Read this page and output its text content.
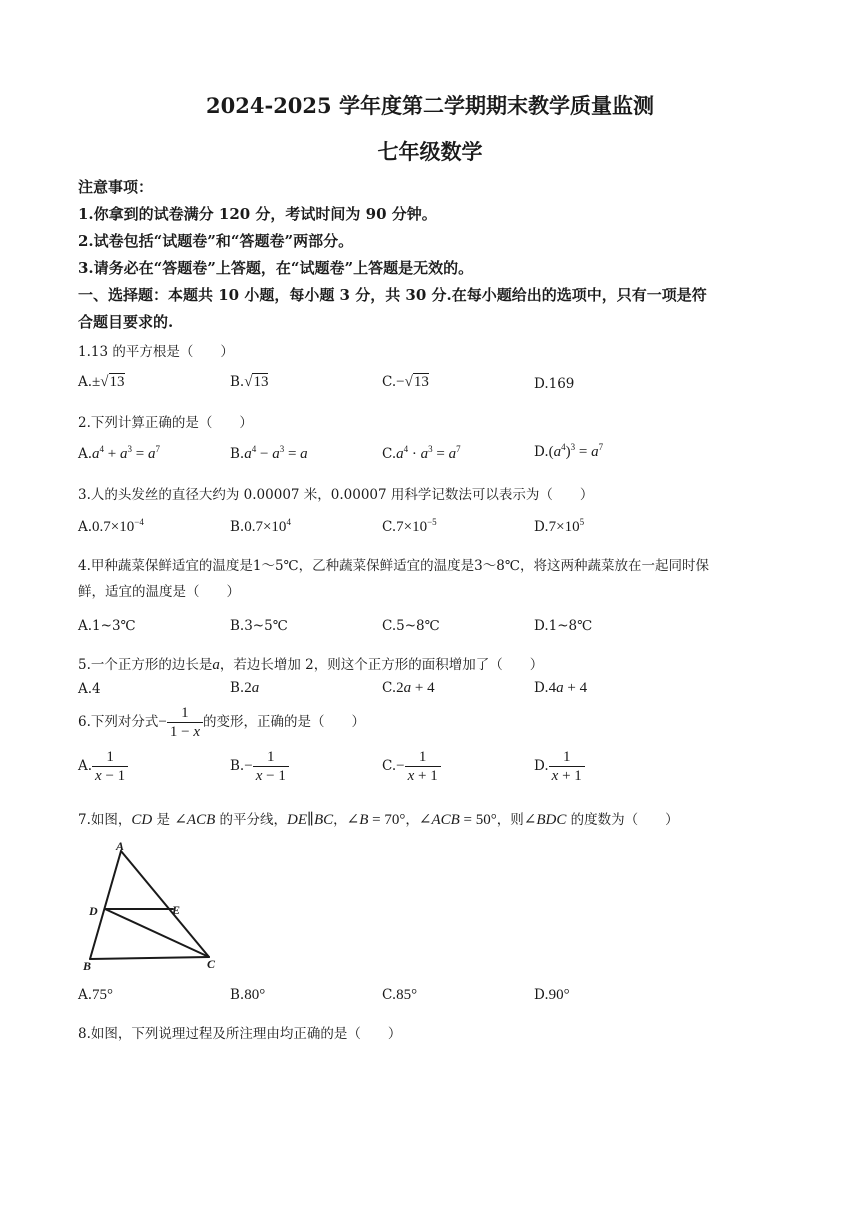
2024-2025 学年度第二学期期末教学质量监测
七年级数学
注意事项：
1.你拿到的试卷满分 120 分，考试时间为 90 分钟。
2.试卷包括“试题卷”和“答题卷”两部分。
3.请务必在“答题卷”上答题，在“试题卷”上答题是无效的。
一、选择题：本题共 10 小题，每小题 3 分，共 30 分.在每小题给出的选项中，只有一项是符
合题目要求的.
1.13 的平方根是（　　）
A.±√13	B.√13	C.−√13	D.169
2.下列计算正确的是（　　）
$A.a^4 + a^3 = a^7$	$B.a^4 - a^3 = a$	$C.a^4 \cdot a^3 = a^7$	$D.(a^4)^3 = a^7$
3.人的头发丝的直径大约为 0.00007 米，0.00007 用科学记数法可以表示为（　　）
$A.0.7\times 10^{-4}$	$B.0.7\times 10^4$	$C.7\times 10^{-5}$	$D.7\times 10^5$
4.甲种蔬菜保鲜适宜的温度是1～5℃，乙种蔬菜保鲜适宜的温度是3～8℃，将这两种蔬菜放在一起同时保
鲜，适宜的温度是（　　）
A.1~3℃	B.3~5℃	C.5~8℃	D.1~8℃
5.一个正方形的边长是a，若边长增加 2，则这个正方形的面积增加了（　　）
A.4	B.2a	C.2a + 4	D.4a + 4
6.下列对分式− $\frac{1}{1 - x}$ 的变形，正确的是（　　）
A. $\frac{1}{x - 1}$	$B.- \frac{1}{x - 1}$	$C.- \frac{1}{x + 1}$	D. $\frac{1}{x + 1}$
7.如图，CD 是 ∠ACB 的平分线，DE∥BC，∠B = 70°，∠ACB = 50°，则∠BDC 的度数为（　　）
A
D	E
B	C
A.75°	B.80°	C.85°	D.90°
8.如图，下列说理过程及所注理由均正确的是（　　）
